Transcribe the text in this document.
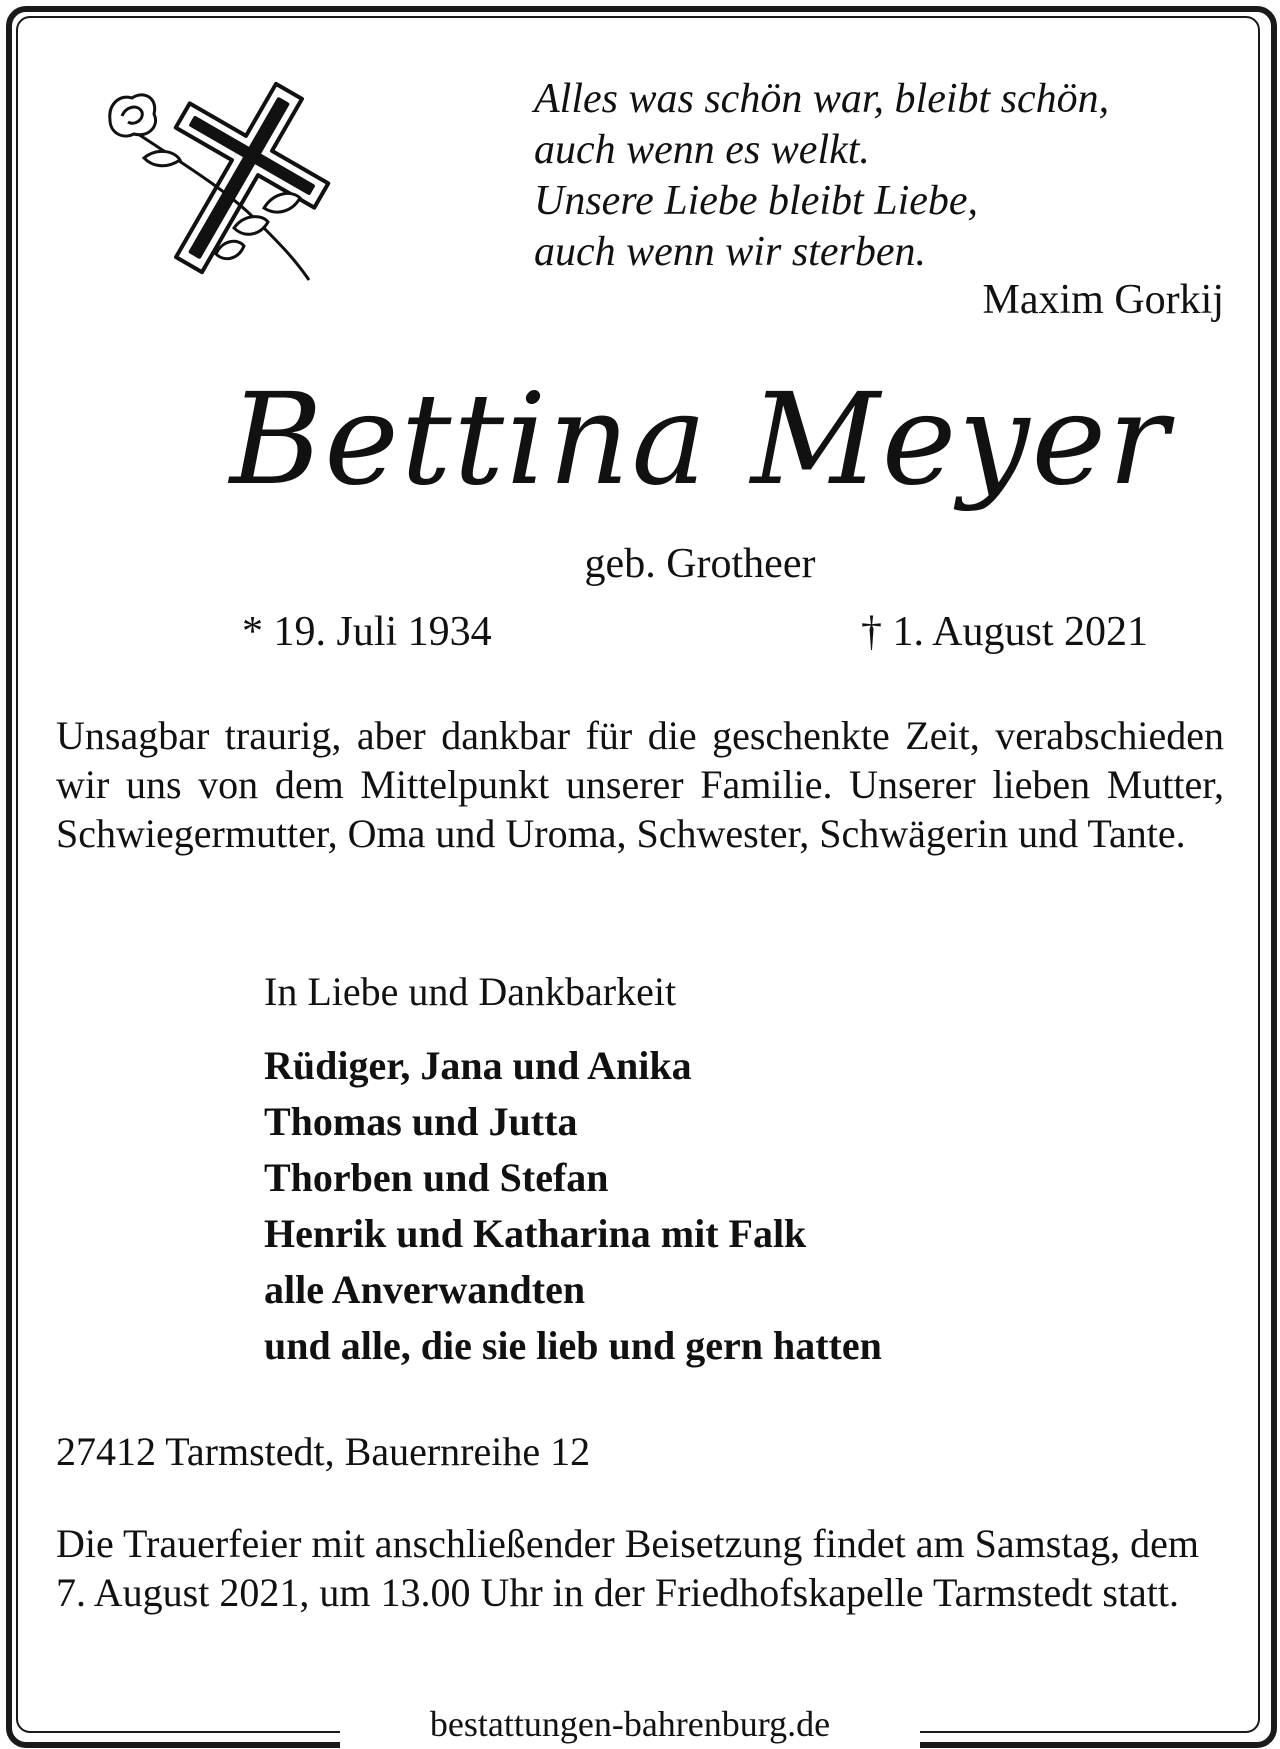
Alles was schön war, bleibt schön,
auch wenn es welkt.
Unsere Liebe bleibt Liebe,
auch wenn wir sterben.
Maxim Gorkij
Bettina Meyer
geb. Grotheer
* 19. Juli 1934	† 1. August 2021
Unsagbar traurig, aber dankbar für die geschenkte Zeit, verabschieden wir uns von dem Mittelpunkt unserer Familie. Unserer lieben Mutter, Schwiegermutter, Oma und Uroma, Schwester, Schwägerin und Tante.
In Liebe und Dankbarkeit
Rüdiger, Jana und Anika
Thomas und Jutta
Thorben und Stefan
Henrik und Katharina mit Falk
alle Anverwandten
und alle, die sie lieb und gern hatten
27412 Tarmstedt, Bauernreihe 12
Die Trauerfeier mit anschließender Beisetzung findet am Samstag, dem 7. August 2021, um 13.00 Uhr in der Friedhofskapelle Tarmstedt statt.
bestattungen-bahrenburg.de
